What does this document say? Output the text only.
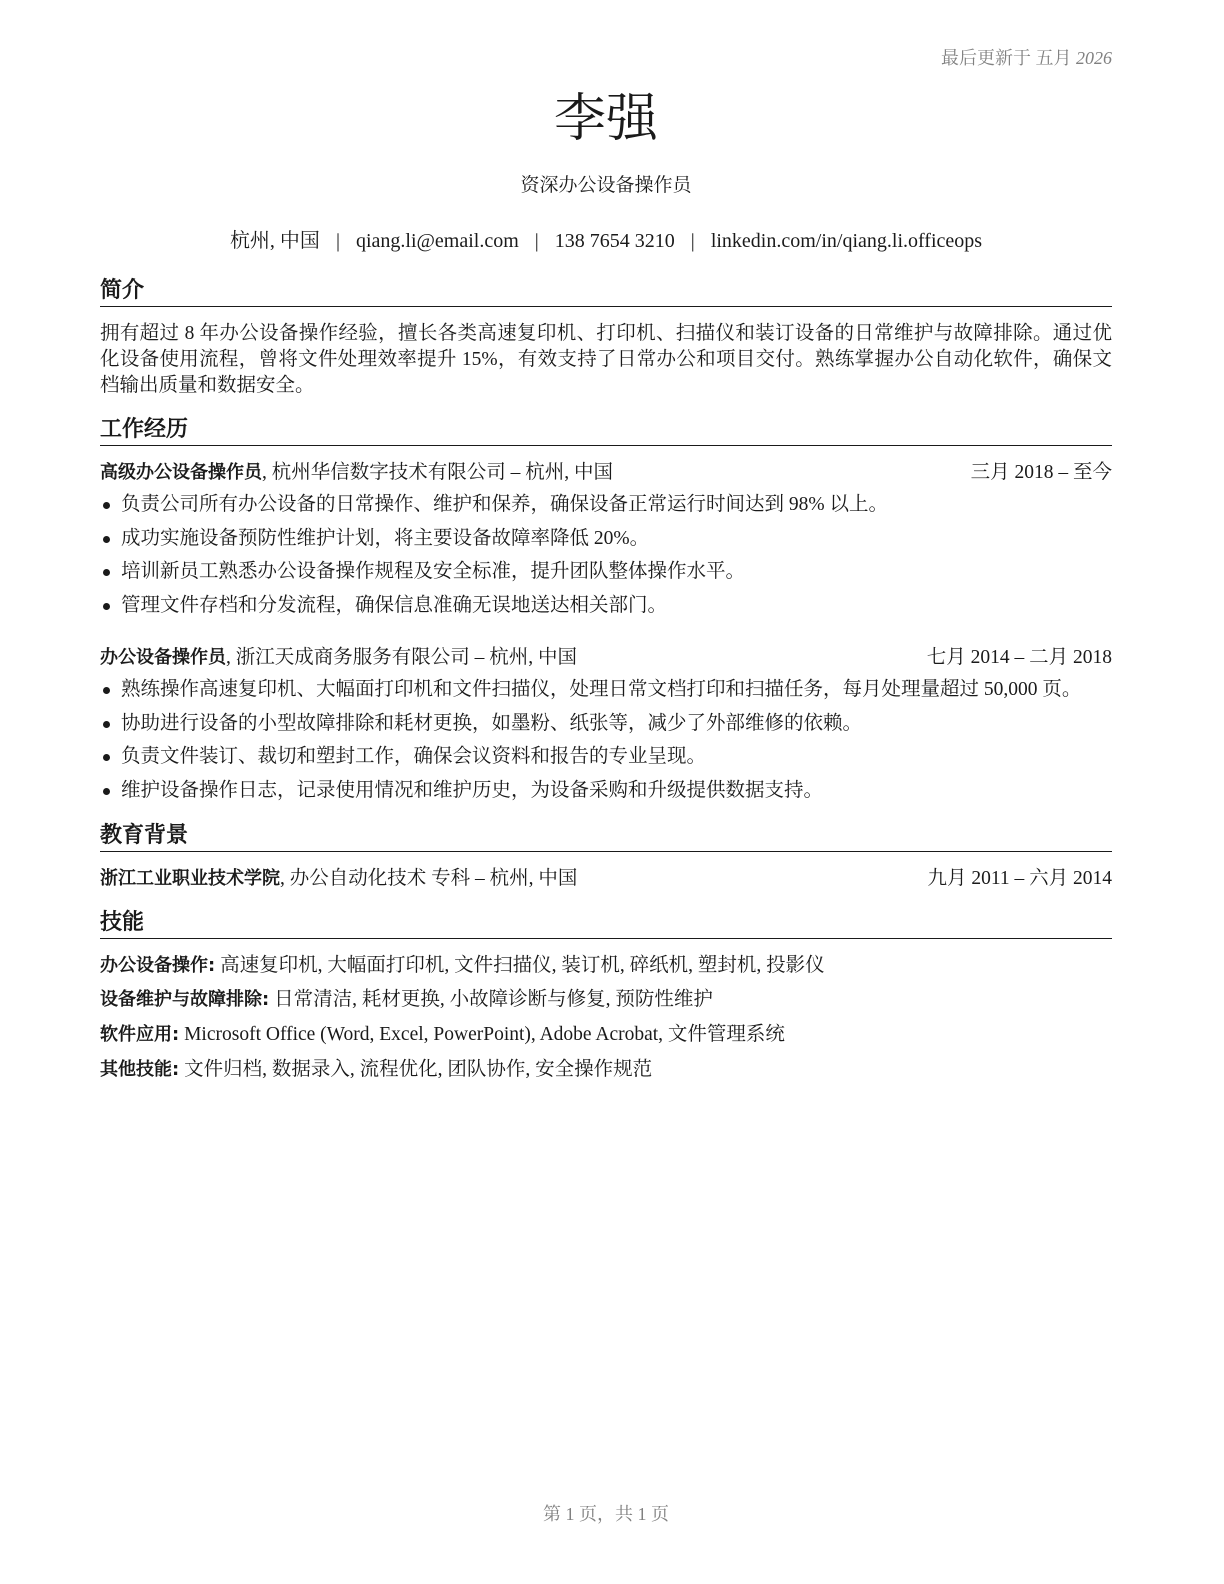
最后更新于 五月 2026
李强
资深办公设备操作员
杭州, 中国 | qiang.li@email.com | 138 7654 3210 | linkedin.com/in/qiang.li.officeops
简介
拥有超过 8 年办公设备操作经验，擅长各类高速复印机、打印机、扫描仪和装订设备的日常维护与故障排除。通过优化设备使用流程，曾将文件处理效率提升 15%，有效支持了日常办公和项目交付。熟练掌握办公自动化软件，确保文档输出质量和数据安全。
工作经历
高级办公设备操作员, 杭州华信数字技术有限公司 – 杭州, 中国	三月 2018 – 至今
负责公司所有办公设备的日常操作、维护和保养，确保设备正常运行时间达到 98% 以上。
成功实施设备预防性维护计划，将主要设备故障率降低 20%。
培训新员工熟悉办公设备操作规程及安全标准，提升团队整体操作水平。
管理文件存档和分发流程，确保信息准确无误地送达相关部门。
办公设备操作员, 浙江天成商务服务有限公司 – 杭州, 中国	七月 2014 – 二月 2018
熟练操作高速复印机、大幅面打印机和文件扫描仪，处理日常文档打印和扫描任务，每月处理量超过 50,000 页。
协助进行设备的小型故障排除和耗材更换，如墨粉、纸张等，减少了外部维修的依赖。
负责文件装订、裁切和塑封工作，确保会议资料和报告的专业呈现。
维护设备操作日志，记录使用情况和维护历史，为设备采购和升级提供数据支持。
教育背景
浙江工业职业技术学院, 办公自动化技术 专科 – 杭州, 中国	九月 2011 – 六月 2014
技能
办公设备操作: 高速复印机, 大幅面打印机, 文件扫描仪, 装订机, 碎纸机, 塑封机, 投影仪
设备维护与故障排除: 日常清洁, 耗材更换, 小故障诊断与修复, 预防性维护
软件应用: Microsoft Office (Word, Excel, PowerPoint), Adobe Acrobat, 文件管理系统
其他技能: 文件归档, 数据录入, 流程优化, 团队协作, 安全操作规范
第 1 页，共 1 页
